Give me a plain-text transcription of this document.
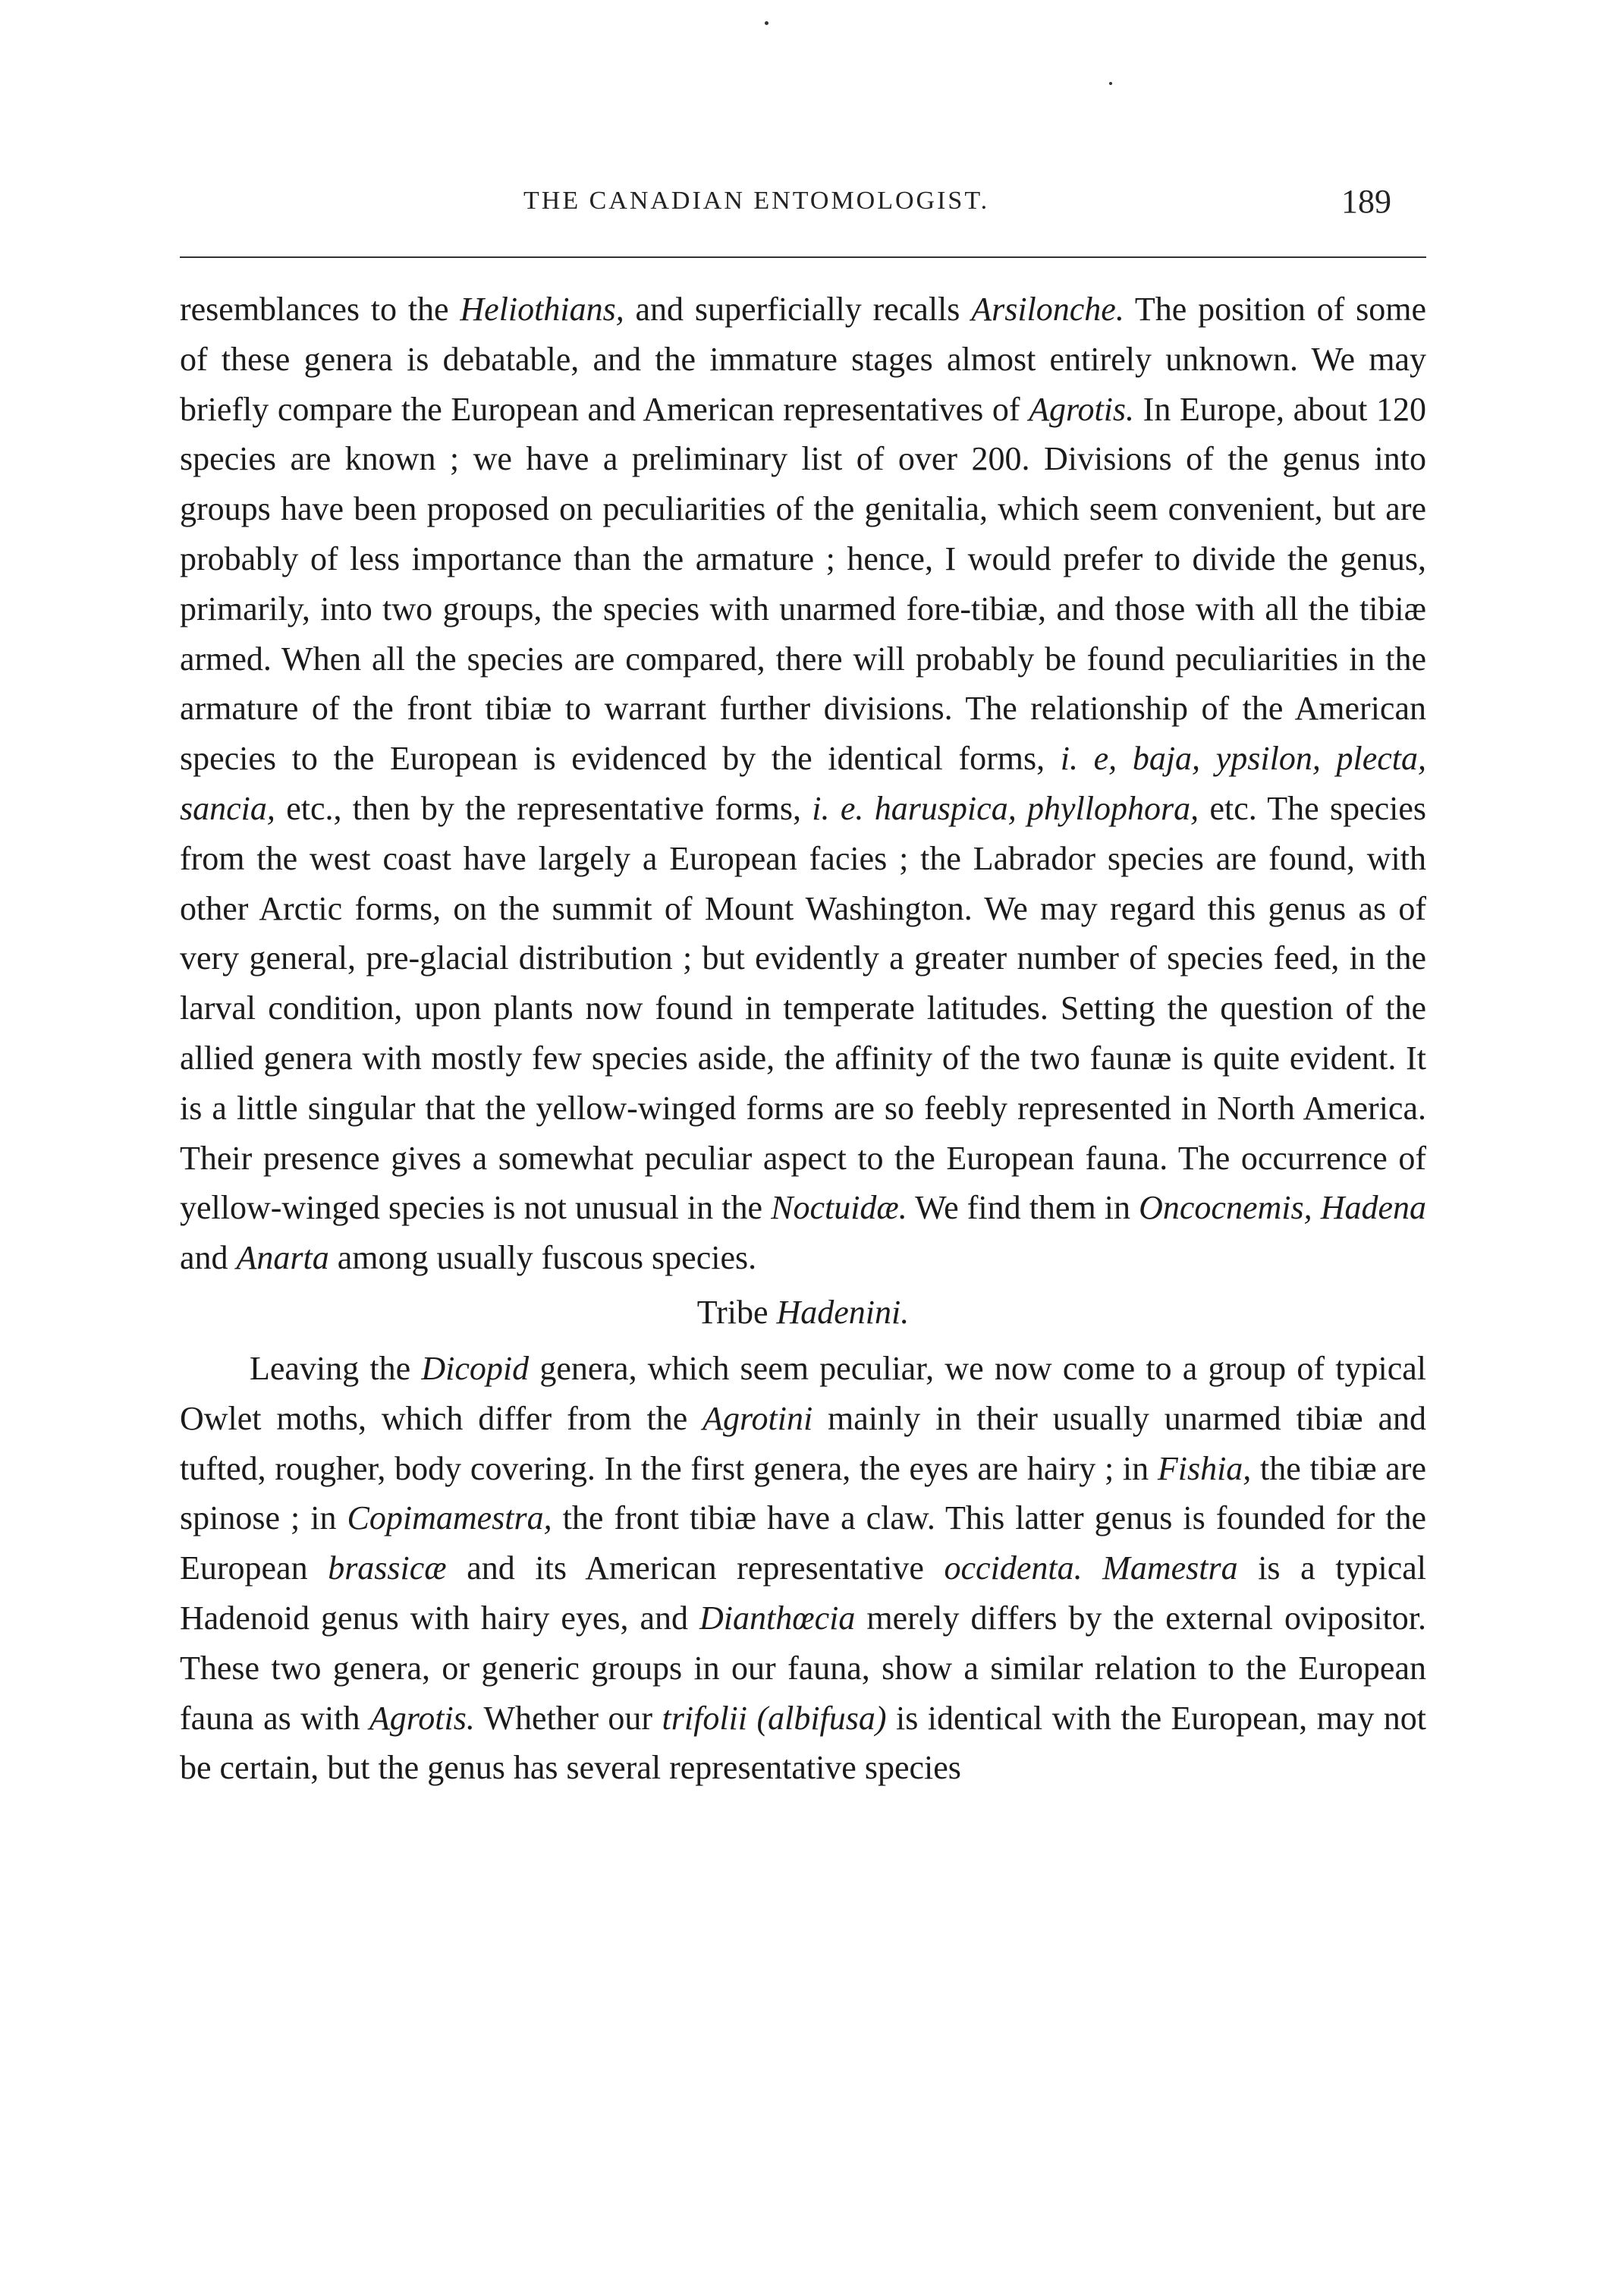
THE CANADIAN ENTOMOLOGIST.	189

resemblances to the Heliothians, and superficially recalls Arsilonche. The position of some of these genera is debatable, and the immature stages almost entirely unknown. We may briefly compare the European and American representatives of Agrotis. In Europe, about 120 species are known ; we have a preliminary list of over 200. Divisions of the genus into groups have been proposed on peculiarities of the genitalia, which seem convenient, but are probably of less importance than the armature ; hence, I would prefer to divide the genus, primarily, into two groups, the species with unarmed fore-tibiæ, and those with all the tibiæ armed. When all the species are compared, there will probably be found peculiarities in the armature of the front tibiæ to warrant further divisions. The relationship of the American species to the European is evidenced by the identical forms, i. e, baja, ypsilon, plecta, sancia, etc., then by the representative forms, i. e. haruspica, phyllophora, etc. The species from the west coast have largely a European facies ; the Labrador species are found, with other Arctic forms, on the summit of Mount Washington. We may regard this genus as of very general, pre-glacial distribution ; but evidently a greater number of species feed, in the larval condition, upon plants now found in temperate latitudes. Setting the question of the allied genera with mostly few species aside, the affinity of the two faunæ is quite evident. It is a little singular that the yellow-winged forms are so feebly represented in North America. Their presence gives a somewhat peculiar aspect to the European fauna. The occurrence of yellow-winged species is not unusual in the Noctuidæ. We find them in Oncocnemis, Hadena and Anarta among usually fuscous species.

Tribe Hadenini.

Leaving the Dicopid genera, which seem peculiar, we now come to a group of typical Owlet moths, which differ from the Agrotini mainly in their usually unarmed tibiæ and tufted, rougher, body covering. In the first genera, the eyes are hairy ; in Fishia, the tibiæ are spinose ; in Copimamestra, the front tibiæ have a claw. This latter genus is founded for the European brassicæ and its American representative occidenta. Mamestra is a typical Hadenoid genus with hairy eyes, and Dianthœcia merely differs by the external ovipositor. These two genera, or generic groups in our fauna, show a similar relation to the European fauna as with Agrotis. Whether our trifolii (albifusa) is identical with the European, may not be certain, but the genus has several representative species
